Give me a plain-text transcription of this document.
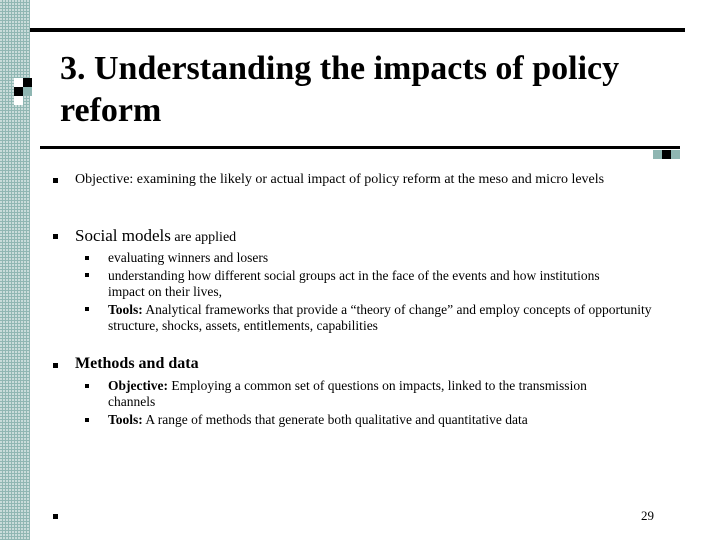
3. Understanding the impacts of policy reform
Objective: examining the likely or actual impact of policy reform at the meso and micro levels
Social models are applied
evaluating winners and losers
understanding how different social groups act in the face of the events and how institutions impact on their lives,
Tools: Analytical frameworks that provide a “theory of change” and employ concepts of opportunity structure, shocks, assets, entitlements, capabilities
Methods and data
Objective: Employing a common set of questions on impacts, linked to the transmission channels
Tools: A range of methods that generate both qualitative and quantitative data
29
